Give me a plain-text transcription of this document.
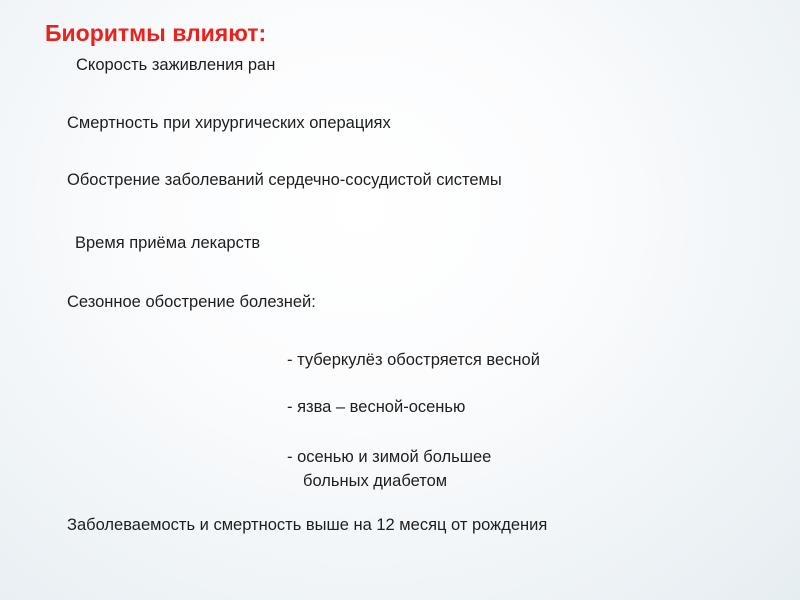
Биоритмы влияют:
Скорость заживления ран
Смертность при хирургических операциях
Обострение заболеваний сердечно-сосудистой системы
Время приёма лекарств
Сезонное обострение болезней:
- туберкулёз обостряется весной
- язва – весной-осенью
- осенью и зимой большее
больных диабетом
Заболеваемость и смертность выше на 12 месяц от рождения
